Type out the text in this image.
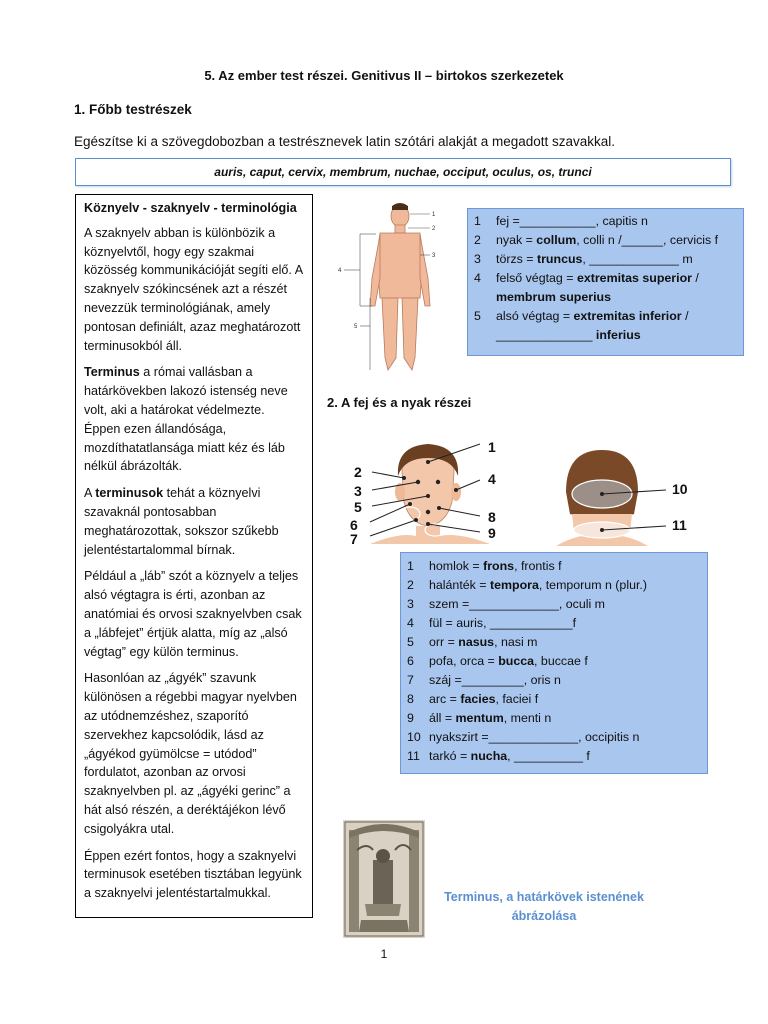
5. Az ember test részei. Genitivus II – birtokos szerkezetek
1. Főbb testrészek
Egészítse ki a szövegdobozban a testrésznevek latin szótári alakját a megadott szavakkal.
auris, caput, cervix, membrum, nuchae, occiput, oculus, os, trunci

Köznyelv - szaknyelv - terminológia

A szaknyelv abban is különbözik a köznyelvtől, hogy egy szakmai közösség kommunikációját segíti elő. A szaknyelv szókincsének azt a részét nevezzük terminológiának, amely pontosan definiált, azaz meghatározott terminusokból áll.

Terminus a római vallásban a határkövekben lakozó istenség neve volt, aki a határokat védelmezte. Éppen ezen állandósága, mozdíthatatlansága miatt kéz és láb nélkül ábrázolták.

A terminusok tehát a köznyelvi szavaknál pontosabban meghatározottak, sokszor szűkebb jelentéstartalommal bírnak.

Például a „láb” szót a köznyelv a teljes alsó végtagra is érti, azonban az anatómiai és orvosi szaknyelvben csak a „lábfejet” értjük alatta, míg az „alsó végtag” egy külön terminus.

Hasonlóan az „ágyék” szavunk különösen a régebbi magyar nyelvben az utódnemzéshez, szaporító szervekhez kapcsolódik, lásd az „ágyékod gyümölcse = utódod” fordulatot, azonban az orvosi szaknyelvben pl. az „ágyéki gerinc” a hát alsó részén, a deréktájékon lévő csigolyákra utal.

Éppen ezért fontos, hogy a szaknyelvi terminusok esetében tisztában legyünk a szaknyelvi jelentéstartalmukkal.

1
2
3
4
5
1	fej =___________, capitis n
2	nyak = collum, colli n /______, cervicis f
3	törzs = truncus, _____________ m
4	felső végtag = extremitas superior /
	membrum superius
5	alsó végtag = extremitas inferior /
	______________ inferius
2. A fej és a nyak részei
1
2
3
4
5
6
7
8
9
10
11
1	homlok = frons, frontis f
2	halánték = tempora, temporum n (plur.)
3	szem =_____________, oculi m
4	fül = auris, ____________f
5	orr = nasus, nasi m
6	pofa, orca = bucca, buccae f
7	száj =_________, oris n
8	arc = facies, faciei f
9	áll = mentum, menti n
10	nyakszirt =_____________, occipitis n
11	tarkó = nucha, __________ f
Terminus, a határkövek istenének ábrázolása
1
